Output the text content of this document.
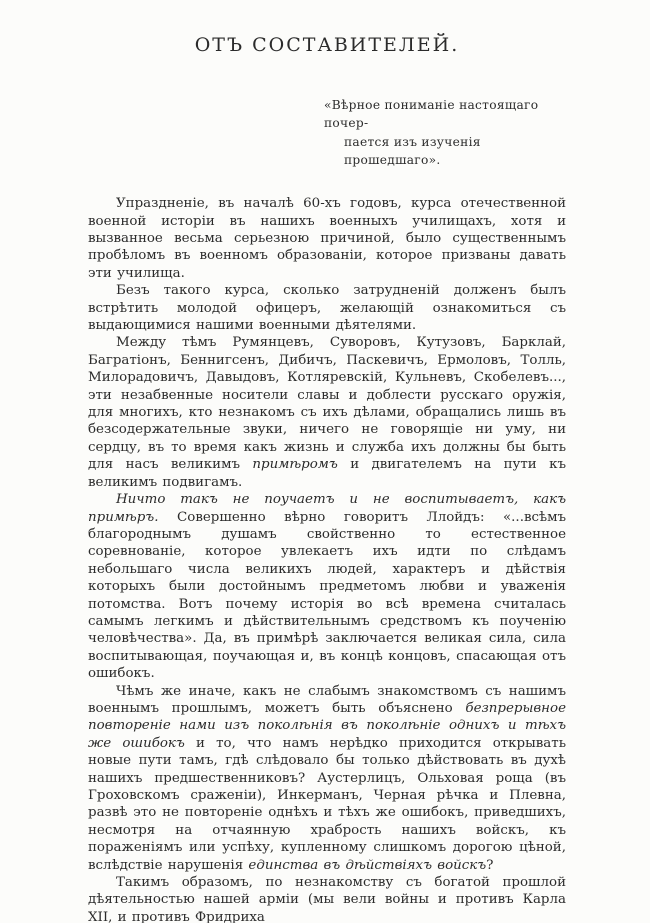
ОТЪ СОСТАВИТЕЛЕЙ.
«Вѣрное пониманіе настоящаго почер-
пается изъ изученія прошедшаго».

Упраздненіе, въ началѣ 60-хъ годовъ, курса отечественной военной исторіи въ нашихъ военныхъ училищахъ, хотя и вызванное весьма серьезною причиной, было существеннымъ пробѣломъ въ военномъ образованіи, которое призваны давать эти училища.

Безъ такого курса, сколько затрудненій долженъ былъ встрѣтить молодой офицеръ, желающій ознакомиться съ выдающимися нашими военными дѣятелями.

Между тѣмъ Румянцевъ, Суворовъ, Кутузовъ, Барклай, Багратіонъ, Беннигсенъ, Дибичъ, Паскевичъ, Ермоловъ, Толль, Милорадовичъ, Давыдовъ, Котляревскій, Кульневъ, Скобелевъ..., эти незабвенные носители славы и доблести русскаго оружія, для многихъ, кто незнакомъ съ ихъ дѣлами, обращались лишь въ безсодержательные звуки, ничего не говорящіе ни уму, ни сердцу, въ то время какъ жизнь и служба ихъ должны бы быть для насъ великимъ примѣромъ и двигателемъ на пути къ великимъ подвигамъ.

Ничто такъ не поучаетъ и не воспитываетъ, какъ примѣръ. Совершенно вѣрно говоритъ Ллойдъ: «...всѣмъ благороднымъ душамъ свойственно то естественное соревнованіе, которое увлекаетъ ихъ идти по слѣдамъ небольшаго числа великихъ людей, характеръ и дѣйствія которыхъ были достойнымъ предметомъ любви и уваженія потомства. Вотъ почему исторія во всѣ времена считалась самымъ легкимъ и дѣйствительнымъ средствомъ къ поученію человѣчества». Да, въ примѣрѣ заключается великая сила, сила воспитывающая, поучающая и, въ концѣ концовъ, спасающая отъ ошибокъ.

Чѣмъ же иначе, какъ не слабымъ знакомствомъ съ нашимъ военнымъ прошлымъ, можетъ быть объяснено безпрерывное повтореніе нами изъ поколѣнія въ поколѣніе однихъ и тѣхъ же ошибокъ и то, что намъ нерѣдко приходится открывать новые пути тамъ, гдѣ слѣдовало бы только дѣйствовать въ духѣ нашихъ предшественниковъ? Аустерлицъ, Ольховая роща (въ Гроховскомъ сраженіи), Инкерманъ, Черная рѣчка и Плевна, развѣ это не повтореніе однѣхъ и тѣхъ же ошибокъ, приведшихъ, несмотря на отчаянную храбрость нашихъ войскъ, къ пораженіямъ или успѣху, купленному слишкомъ дорогою цѣной, вслѣдствіе нарушенія единства въ дѣйствіяхъ войскъ?

Такимъ образомъ, по незнакомству съ богатой прошлой дѣятельностью нашей арміи (мы вели войны и противъ Карла XII, и противъ Фридриха
